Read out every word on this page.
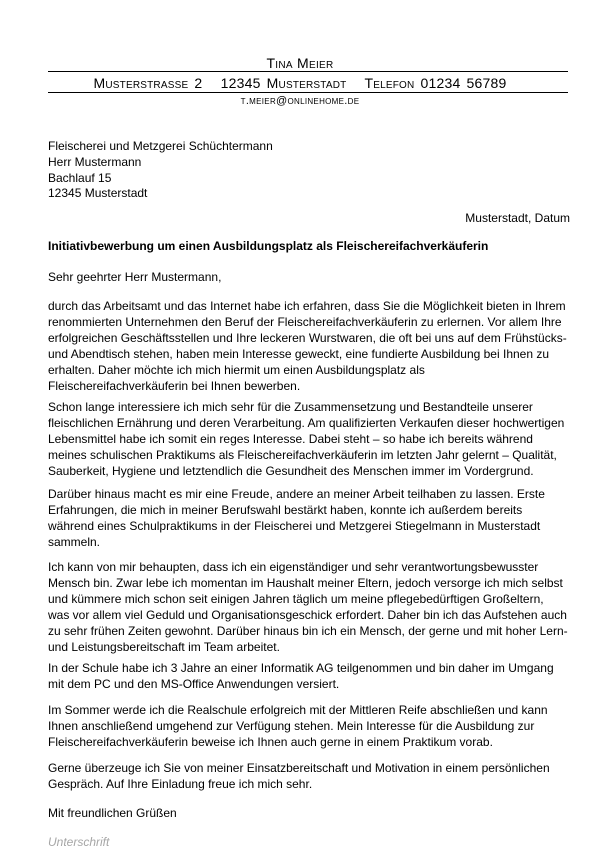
Tina Meier
Musterstrasse 2   12345 Musterstadt   Telefon 01234 56789
t.meier@onlinehome.de
Fleischerei und Metzgerei Schüchtermann
Herr Mustermann
Bachlauf 15
12345 Musterstadt
Musterstadt, Datum
Initiativbewerbung um einen Ausbildungsplatz als Fleischereifachverkäuferin
Sehr geehrter Herr Mustermann,
durch das Arbeitsamt und das Internet habe ich erfahren, dass Sie die Möglichkeit bieten in Ihrem renommierten Unternehmen den Beruf der Fleischereifachverkäuferin zu erlernen. Vor allem Ihre erfolgreichen Geschäftsstellen und Ihre leckeren Wurstwaren, die oft bei uns auf dem Frühstücks- und Abendtisch stehen, haben mein Interesse geweckt, eine fundierte Ausbildung bei Ihnen zu erhalten. Daher möchte ich mich hiermit um einen Ausbildungsplatz als Fleischereifachverkäuferin bei Ihnen bewerben.
Schon lange interessiere ich mich sehr für die Zusammensetzung und Bestandteile unserer fleischlichen Ernährung und deren Verarbeitung. Am qualifizierten Verkaufen dieser hochwertigen Lebensmittel habe ich somit ein reges Interesse. Dabei steht – so habe ich bereits während meines schulischen Praktikums als Fleischereifachverkäuferin im letzten Jahr gelernt – Qualität, Sauberkeit, Hygiene und letztendlich die Gesundheit des Menschen immer im Vordergrund.
Darüber hinaus macht es mir eine Freude, andere an meiner Arbeit teilhaben zu lassen. Erste Erfahrungen, die mich in meiner Berufswahl bestärkt haben, konnte ich außerdem bereits während eines Schulpraktikums in der Fleischerei und Metzgerei Stiegelmann in Musterstadt sammeln.
Ich kann von mir behaupten, dass ich ein eigenständiger und sehr verantwortungsbewusster Mensch bin. Zwar lebe ich momentan im Haushalt meiner Eltern, jedoch versorge ich mich selbst und kümmere mich schon seit einigen Jahren täglich um meine pflegebedürftigen Großeltern, was vor allem viel Geduld und Organisationsgeschick erfordert. Daher bin ich das Aufstehen auch zu sehr frühen Zeiten gewohnt. Darüber hinaus bin ich ein Mensch, der gerne und mit hoher Lern- und Leistungsbereitschaft im Team arbeitet.
In der Schule habe ich 3 Jahre an einer Informatik AG teilgenommen und bin daher im Umgang mit dem PC und den MS-Office Anwendungen versiert.
Im Sommer werde ich die Realschule erfolgreich mit der Mittleren Reife abschließen und kann Ihnen anschließend umgehend zur Verfügung stehen. Mein Interesse für die Ausbildung zur Fleischereifachverkäuferin beweise ich Ihnen auch gerne in einem Praktikum vorab.
Gerne überzeuge ich Sie von meiner Einsatzbereitschaft und Motivation in einem persönlichen Gespräch. Auf Ihre Einladung freue ich mich sehr.
Mit freundlichen Grüßen
Unterschrift
